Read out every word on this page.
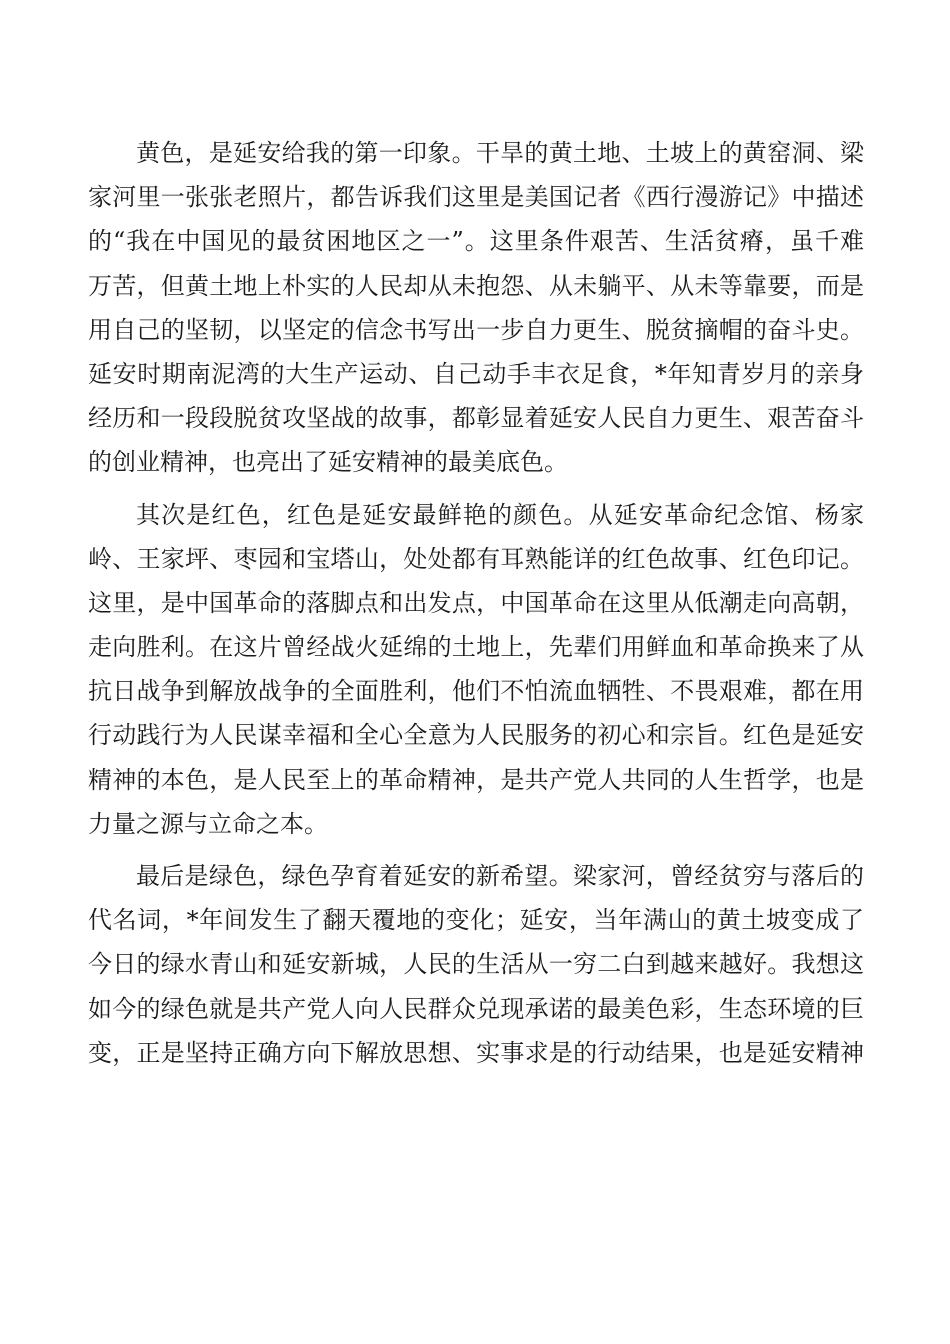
黄色，是延安给我的第一印象。干旱的黄土地、土坡上的黄窑洞、梁
家河里一张张老照片，都告诉我们这里是美国记者《西行漫游记》中描述
的“我在中国见的最贫困地区之一”。这里条件艰苦、生活贫瘠，虽千难
万苦，但黄土地上朴实的人民却从未抱怨、从未躺平、从未等靠要，而是
用自己的坚韧，以坚定的信念书写出一步自力更生、脱贫摘帽的奋斗史。
延安时期南泥湾的大生产运动、自己动手丰衣足食，*年知青岁月的亲身
经历和一段段脱贫攻坚战的故事，都彰显着延安人民自力更生、艰苦奋斗
的创业精神，也亮出了延安精神的最美底色。
其次是红色，红色是延安最鲜艳的颜色。从延安革命纪念馆、杨家
岭、王家坪、枣园和宝塔山，处处都有耳熟能详的红色故事、红色印记。
这里，是中国革命的落脚点和出发点，中国革命在这里从低潮走向高朝，
走向胜利。在这片曾经战火延绵的土地上，先辈们用鲜血和革命换来了从
抗日战争到解放战争的全面胜利，他们不怕流血牺牲、不畏艰难，都在用
行动践行为人民谋幸福和全心全意为人民服务的初心和宗旨。红色是延安
精神的本色，是人民至上的革命精神，是共产党人共同的人生哲学，也是
力量之源与立命之本。
最后是绿色，绿色孕育着延安的新希望。梁家河，曾经贫穷与落后的
代名词，*年间发生了翻天覆地的变化；延安，当年满山的黄土坡变成了
今日的绿水青山和延安新城，人民的生活从一穷二白到越来越好。我想这
如今的绿色就是共产党人向人民群众兑现承诺的最美色彩，生态环境的巨
变，正是坚持正确方向下解放思想、实事求是的行动结果，也是延安精神
